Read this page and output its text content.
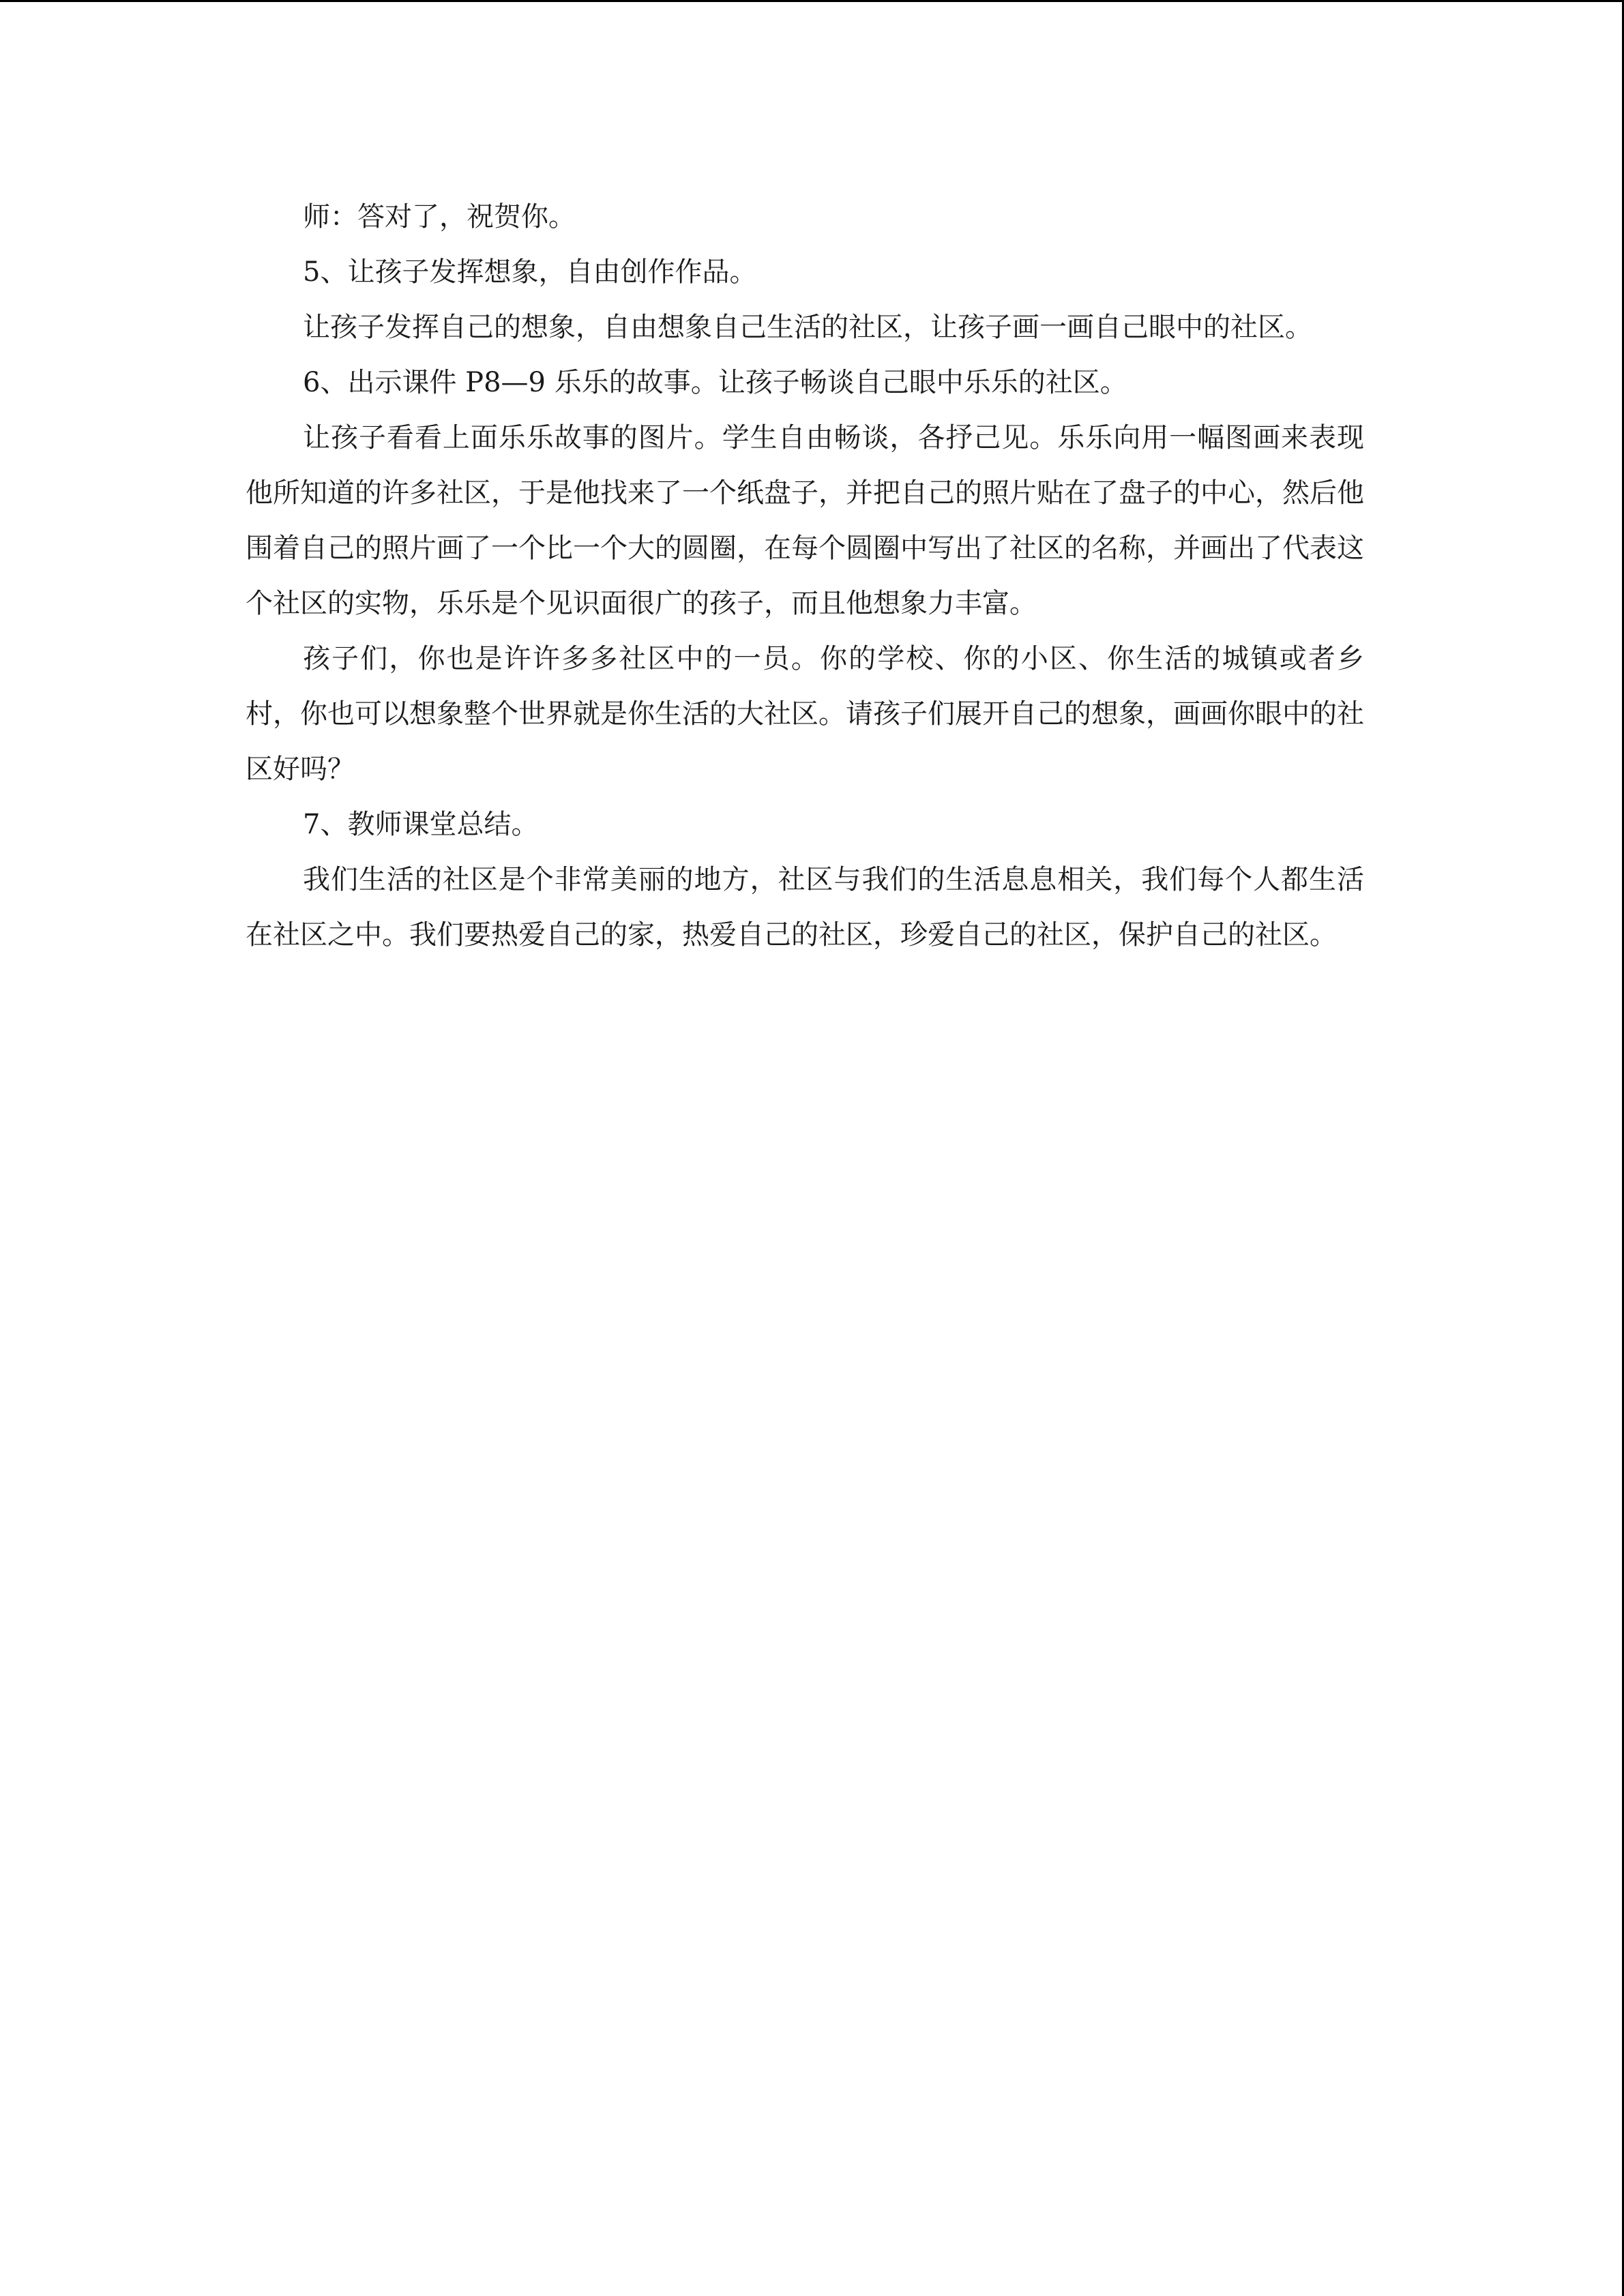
师：答对了，祝贺你。

5、让孩子发挥想象，自由创作作品。

让孩子发挥自己的想象，自由想象自己生活的社区，让孩子画一画自己眼中的社区。

6、出示课件 P8—9 乐乐的故事。让孩子畅谈自己眼中乐乐的社区。

让孩子看看上面乐乐故事的图片。学生自由畅谈，各抒己见。乐乐向用一幅图画来表现他所知道的许多社区，于是他找来了一个纸盘子，并把自己的照片贴在了盘子的中心，然后他围着自己的照片画了一个比一个大的圆圈，在每个圆圈中写出了社区的名称，并画出了代表这个社区的实物，乐乐是个见识面很广的孩子，而且他想象力丰富。

孩子们，你也是许许多多社区中的一员。你的学校、你的小区、你生活的城镇或者乡村，你也可以想象整个世界就是你生活的大社区。请孩子们展开自己的想象，画画你眼中的社区好吗？

7、教师课堂总结。

我们生活的社区是个非常美丽的地方，社区与我们的生活息息相关，我们每个人都生活在社区之中。我们要热爱自己的家，热爱自己的社区，珍爱自己的社区，保护自己的社区。
